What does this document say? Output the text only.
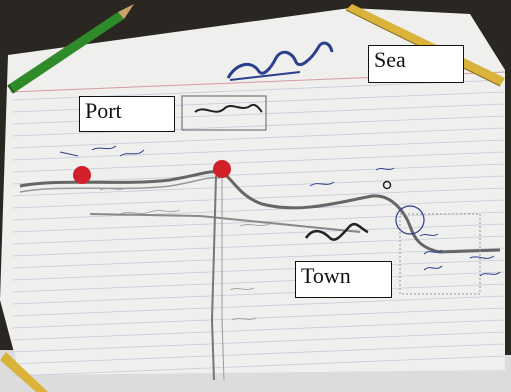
Sea
Port
Town
